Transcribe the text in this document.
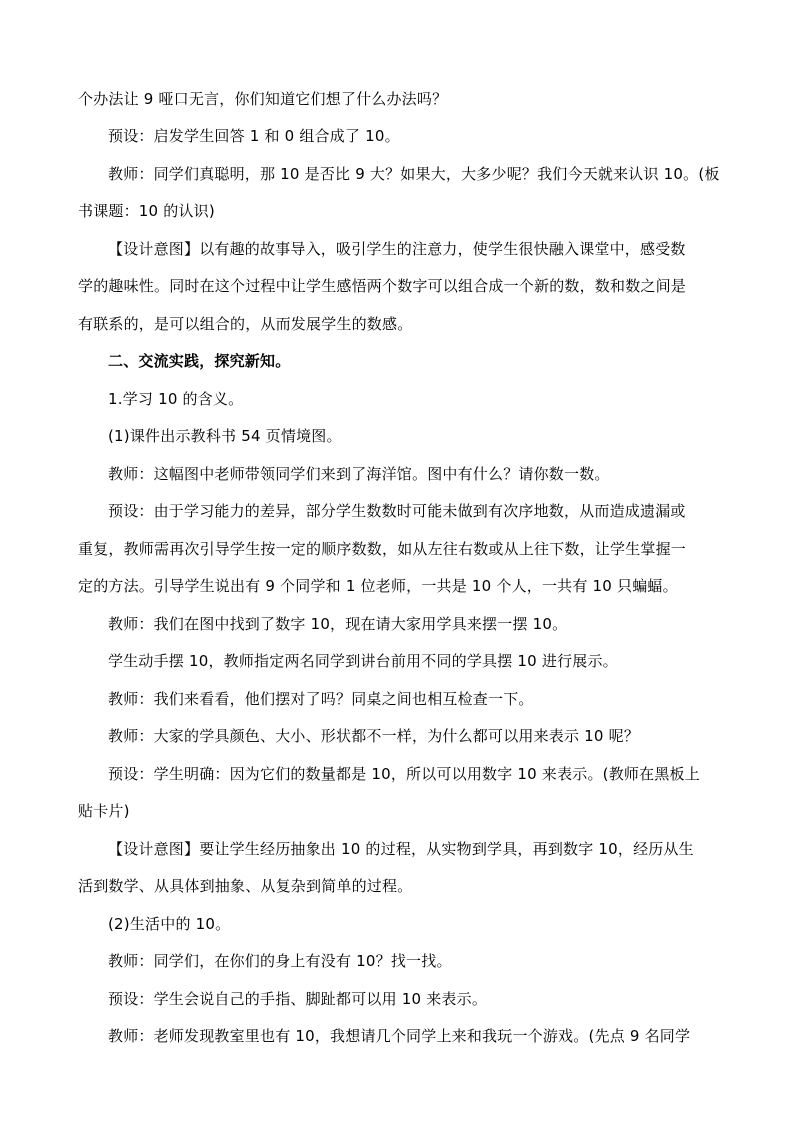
个办法让 9 哑口无言，你们知道它们想了什么办法吗？
预设：启发学生回答 1 和 0 组合成了 10。
教师：同学们真聪明，那 10 是否比 9 大？如果大，大多少呢？我们今天就来认识 10。(板
书课题：10 的认识)
【设计意图】以有趣的故事导入，吸引学生的注意力，使学生很快融入课堂中，感受数
学的趣味性。同时在这个过程中让学生感悟两个数字可以组合成一个新的数，数和数之间是
有联系的，是可以组合的，从而发展学生的数感。
二、交流实践，探究新知。
1.学习 10 的含义。
(1)课件出示教科书 54 页情境图。
教师：这幅图中老师带领同学们来到了海洋馆。图中有什么？请你数一数。
预设：由于学习能力的差异，部分学生数数时可能未做到有次序地数，从而造成遗漏或
重复，教师需再次引导学生按一定的顺序数数，如从左往右数或从上往下数，让学生掌握一
定的方法。引导学生说出有 9 个同学和 1 位老师，一共是 10 个人，一共有 10 只蝙蝠。
教师：我们在图中找到了数字 10，现在请大家用学具来摆一摆 10。
学生动手摆 10，教师指定两名同学到讲台前用不同的学具摆 10 进行展示。
教师：我们来看看，他们摆对了吗？同桌之间也相互检查一下。
教师：大家的学具颜色、大小、形状都不一样，为什么都可以用来表示 10 呢？
预设：学生明确：因为它们的数量都是 10，所以可以用数字 10 来表示。(教师在黑板上
贴卡片)
【设计意图】要让学生经历抽象出 10 的过程，从实物到学具，再到数字 10，经历从生
活到数学、从具体到抽象、从复杂到简单的过程。
(2)生活中的 10。
教师：同学们，在你们的身上有没有 10？找一找。
预设：学生会说自己的手指、脚趾都可以用 10 来表示。
教师：老师发现教室里也有 10，我想请几个同学上来和我玩一个游戏。(先点 9 名同学
